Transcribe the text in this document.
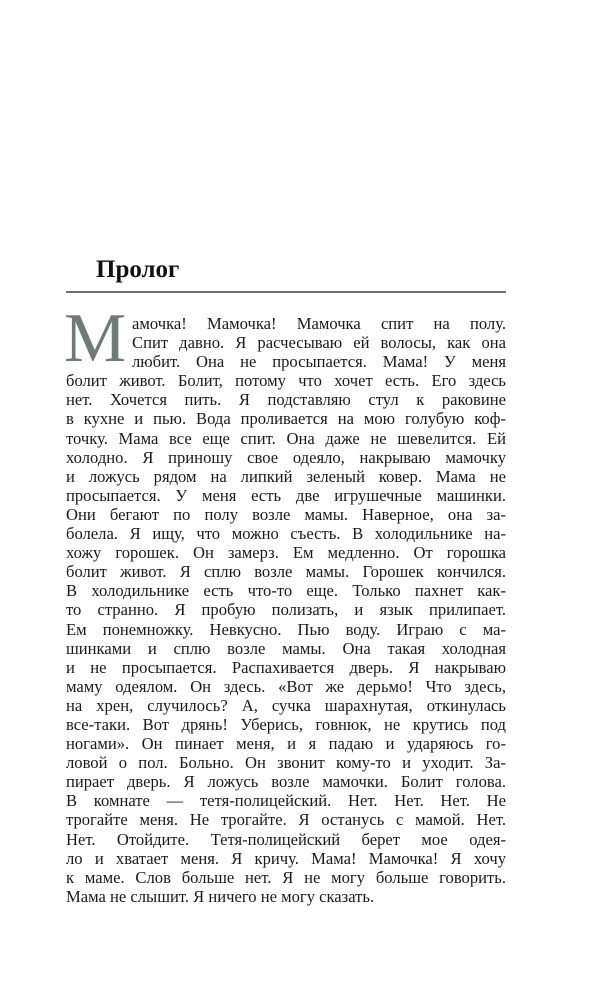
Пролог
М амочка! Мамочка! Мамочка спит на полу.
Спит давно. Я расчесываю ей волосы, как она
любит. Она не просыпается. Мама! У меня
болит живот. Болит, потому что хочет есть. Его здесь
нет. Хочется пить. Я подставляю стул к раковине
в кухне и пью. Вода проливается на мою голубую коф-
точку. Мама все еще спит. Она даже не шевелится. Ей
холодно. Я приношу свое одеяло, накрываю мамочку
и ложусь рядом на липкий зеленый ковер. Мама не
просыпается. У меня есть две игрушечные машинки.
Они бегают по полу возле мамы. Наверное, она за-
болела. Я ищу, что можно съесть. В холодильнике на-
хожу горошек. Он замерз. Ем медленно. От горошка
болит живот. Я сплю возле мамы. Горошек кончился.
В холодильнике есть что-то еще. Только пахнет как-
то странно. Я пробую полизать, и язык прилипает.
Ем понемножку. Невкусно. Пью воду. Играю с ма-
шинками и сплю возле мамы. Она такая холодная
и не просыпается. Распахивается дверь. Я накрываю
маму одеялом. Он здесь. «Вот же дерьмо! Что здесь,
на хрен, случилось? А, сучка шарахнутая, откинулась
все-таки. Вот дрянь! Уберись, говнюк, не крутись под
ногами». Он пинает меня, и я падаю и ударяюсь го-
ловой о пол. Больно. Он звонит кому-то и уходит. За-
пирает дверь. Я ложусь возле мамочки. Болит голова.
В комнате — тетя-полицейский. Нет. Нет. Нет. Не
трогайте меня. Не трогайте. Я останусь с мамой. Нет.
Нет. Отойдите. Тетя-полицейский берет мое одея-
ло и хватает меня. Я кричу. Мама! Мамочка! Я хочу
к маме. Слов больше нет. Я не могу больше говорить.
Мама не слышит. Я ничего не могу сказать.
